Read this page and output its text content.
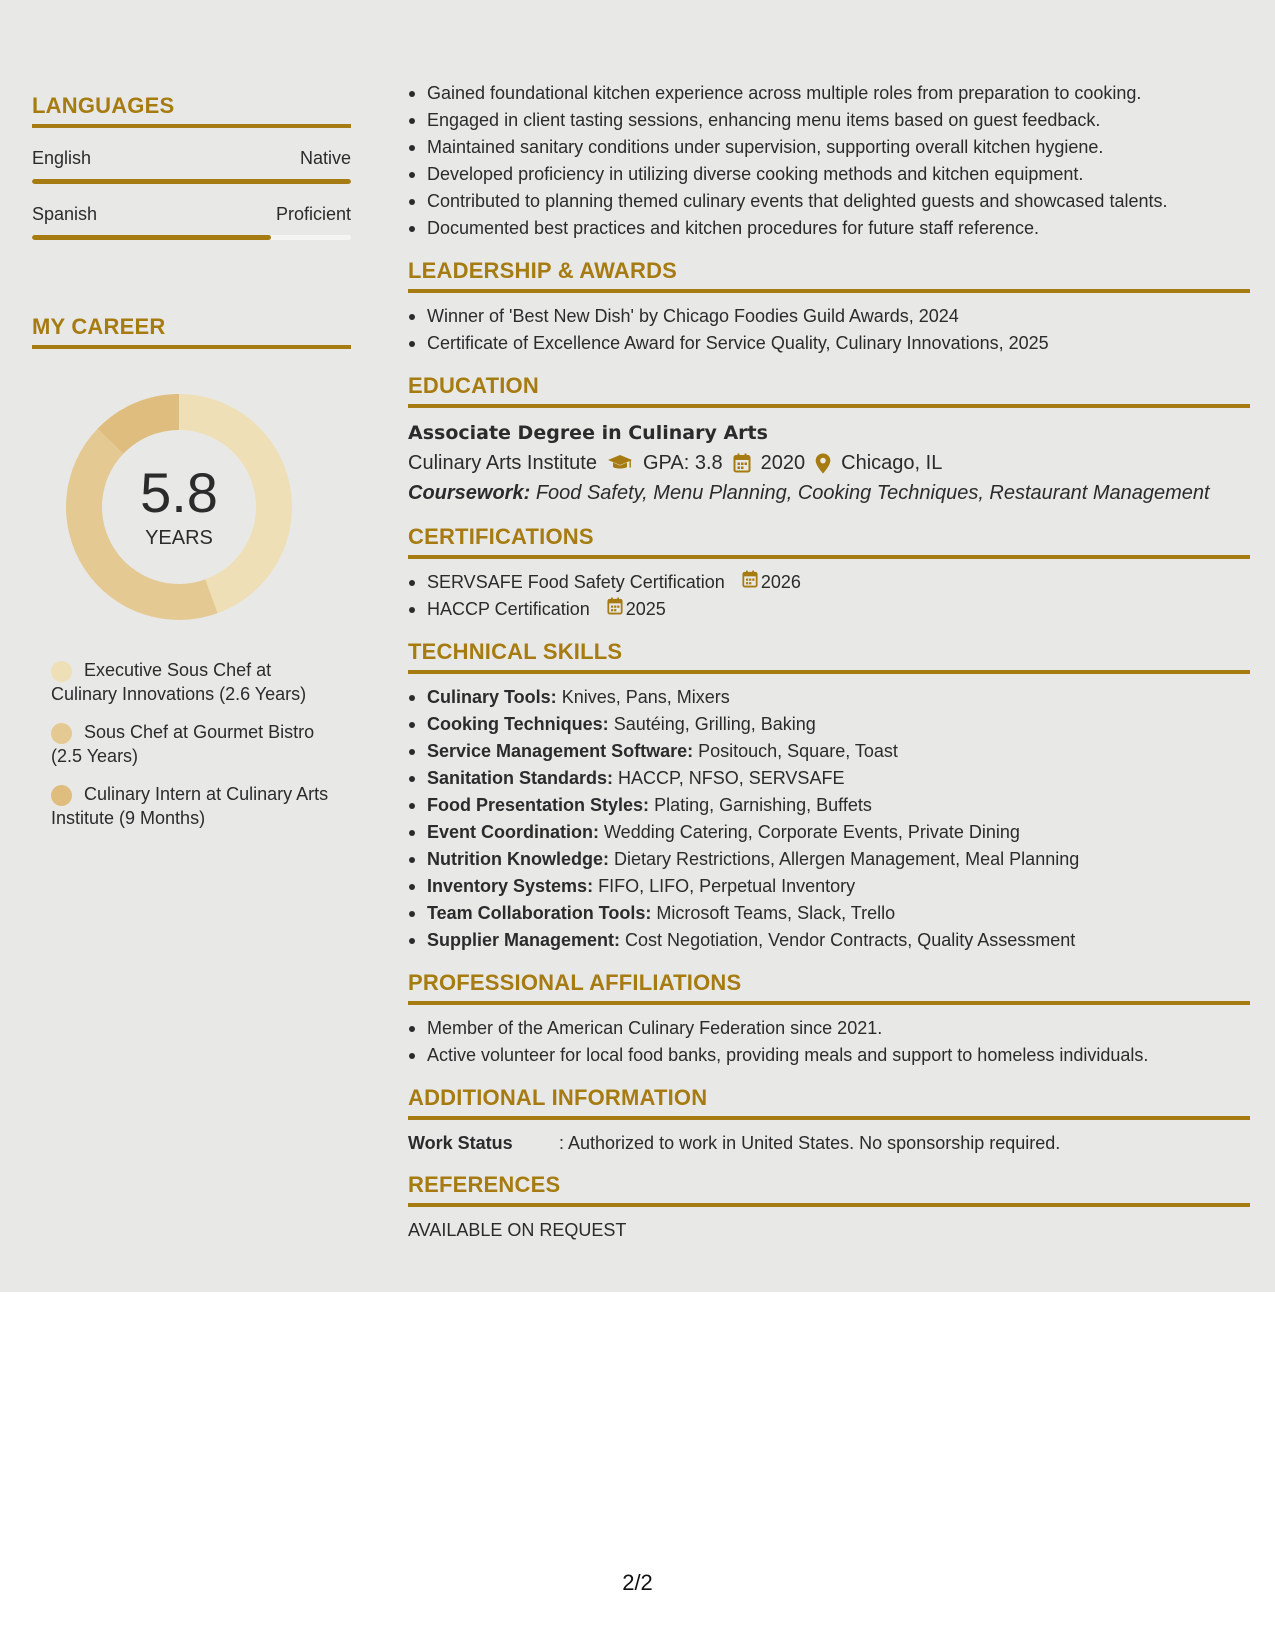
LANGUAGES
English	Native
Spanish	Proficient
MY CAREER
5.8
YEARS
Executive Sous Chef at Culinary Innovations (2.6 Years)
Sous Chef at Gourmet Bistro (2.5 Years)
Culinary Intern at Culinary Arts Institute (9 Months)
Gained foundational kitchen experience across multiple roles from preparation to cooking.
Engaged in client tasting sessions, enhancing menu items based on guest feedback.
Maintained sanitary conditions under supervision, supporting overall kitchen hygiene.
Developed proficiency in utilizing diverse cooking methods and kitchen equipment.
Contributed to planning themed culinary events that delighted guests and showcased talents.
Documented best practices and kitchen procedures for future staff reference.
LEADERSHIP & AWARDS
Winner of 'Best New Dish' by Chicago Foodies Guild Awards, 2024
Certificate of Excellence Award for Service Quality, Culinary Innovations, 2025
EDUCATION
Associate Degree in Culinary Arts
Culinary Arts Institute GPA: 3.8 2020 Chicago, IL
Coursework: Food Safety, Menu Planning, Cooking Techniques, Restaurant Management
CERTIFICATIONS
SERVSAFE Food Safety Certification 2026
HACCP Certification 2025
TECHNICAL SKILLS
Culinary Tools: Knives, Pans, Mixers
Cooking Techniques: Sautéing, Grilling, Baking
Service Management Software: Positouch, Square, Toast
Sanitation Standards: HACCP, NFSO, SERVSAFE
Food Presentation Styles: Plating, Garnishing, Buffets
Event Coordination: Wedding Catering, Corporate Events, Private Dining
Nutrition Knowledge: Dietary Restrictions, Allergen Management, Meal Planning
Inventory Systems: FIFO, LIFO, Perpetual Inventory
Team Collaboration Tools: Microsoft Teams, Slack, Trello
Supplier Management: Cost Negotiation, Vendor Contracts, Quality Assessment
PROFESSIONAL AFFILIATIONS
Member of the American Culinary Federation since 2021.
Active volunteer for local food banks, providing meals and support to homeless individuals.
ADDITIONAL INFORMATION
Work Status	: Authorized to work in United States. No sponsorship required.
REFERENCES
AVAILABLE ON REQUEST
2/2
